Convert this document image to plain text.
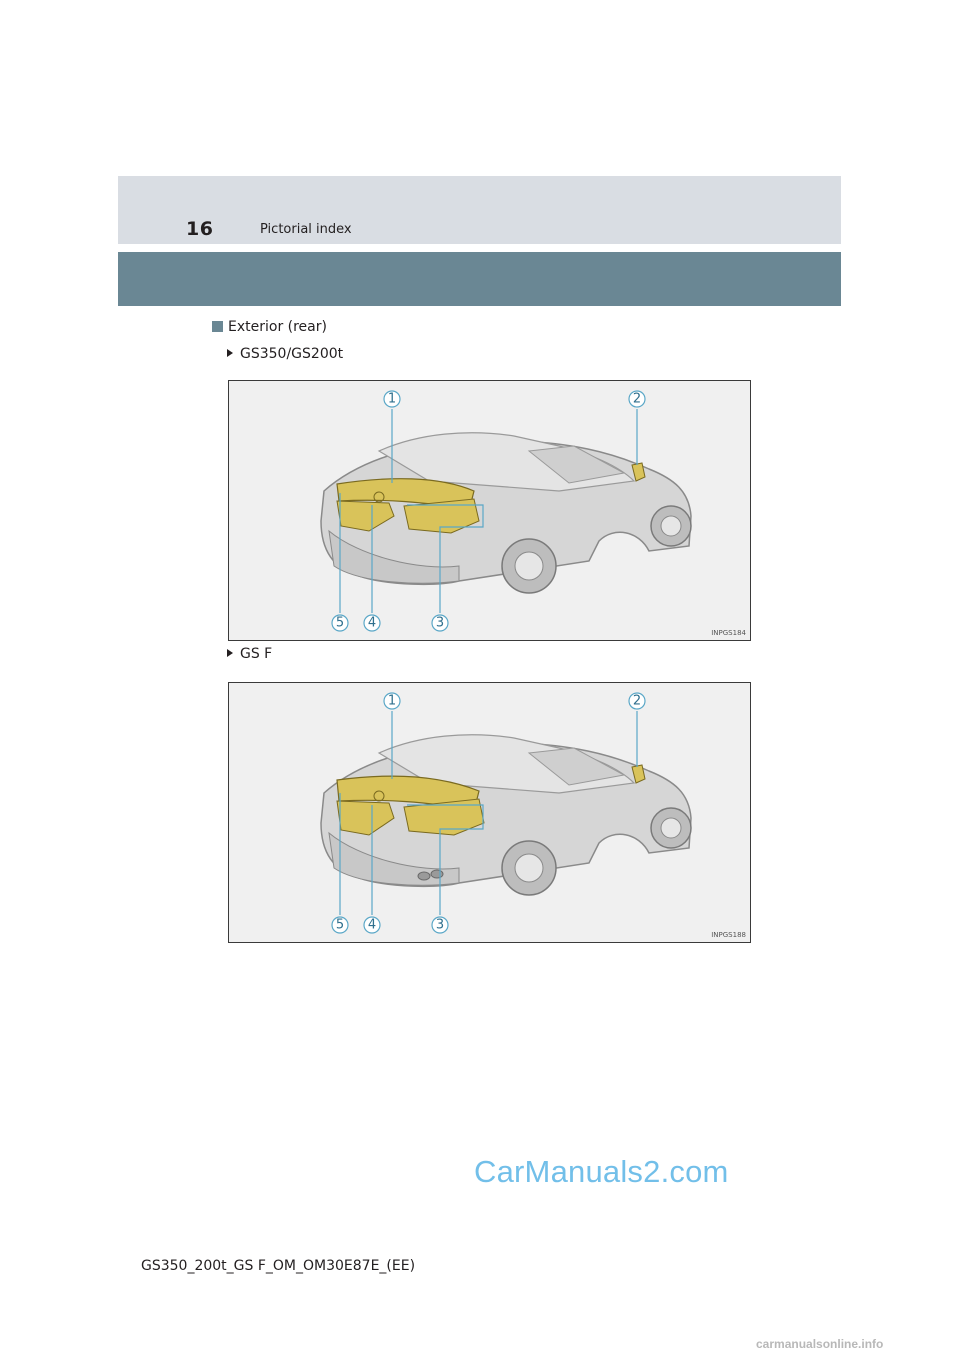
16	Pictorial index
Exterior (rear)
GS350/GS200t
1	2
3
4
5
INPGS184
GS F
1	2
3
4
5
INPGS188
CarManuals2.com
GS350_200t_GS F_OM_OM30E87E_(EE)
carmanualsonline.info
